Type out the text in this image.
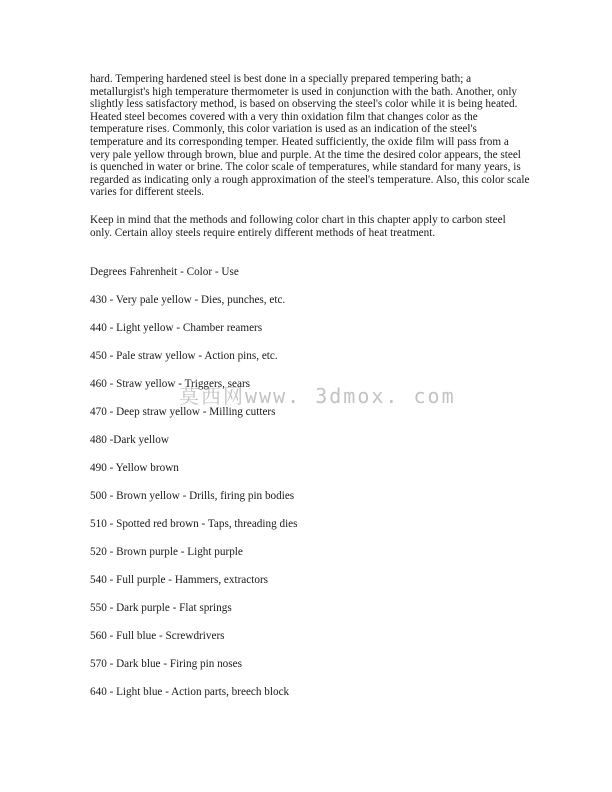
hard. Tempering hardened steel is best done in a specially prepared tempering bath; a metallurgist's high temperature thermometer is used in conjunction with the bath. Another, only slightly less satisfactory method, is based on observing the steel's color while it is being heated. Heated steel becomes covered with a very thin oxidation film that changes color as the temperature rises. Commonly, this color variation is used as an indication of the steel's temperature and its corresponding temper. Heated sufficiently, the oxide film will pass from a very pale yellow through brown, blue and purple. At the time the desired color appears, the steel is quenched in water or brine. The color scale of temperatures, while standard for many years, is regarded as indicating only a rough approximation of the steel's temperature. Also, this color scale varies for different steels.

Keep in mind that the methods and following color chart in this chapter apply to carbon steel only. Certain alloy steels require entirely different methods of heat treatment.

Degrees Fahrenheit - Color - Use
430 - Very pale yellow - Dies, punches, etc.
440 - Light yellow - Chamber reamers
450 - Pale straw yellow - Action pins, etc.
460 - Straw yellow - Triggers, sears
470 - Deep straw yellow - Milling cutters
480 -Dark yellow
490 - Yellow brown
500 - Brown yellow - Drills, firing pin bodies
510 - Spotted red brown - Taps, threading dies
520 - Brown purple - Light purple
540 - Full purple - Hammers, extractors
550 - Dark purple - Flat springs
560 - Full blue - Screwdrivers
570 - Dark blue - Firing pin noses
640 - Light blue - Action parts, breech block
莫西网www. 3dmox. com
